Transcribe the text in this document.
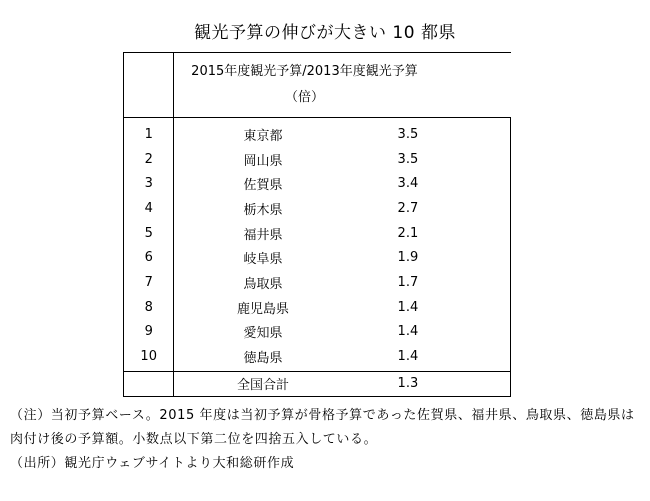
観光予算の伸びが大きい 10 都県

	2015年度観光予算/2013年度観光予算
（倍）	

1	東京都	3.5
2	岡山県	3.5
3	佐賀県	3.4
4	栃木県	2.7
5	福井県	2.1
6	岐阜県	1.9
7	鳥取県	1.7
8	鹿児島県	1.4
9	愛知県	1.4
10	徳島県	1.4
	全国合計	1.3
（注）当初予算ベース。2015 年度は当初予算が骨格予算であった佐賀県、福井県、鳥取県、徳島県は
肉付け後の予算額。小数点以下第二位を四捨五入している。
（出所）観光庁ウェブサイトより大和総研作成
